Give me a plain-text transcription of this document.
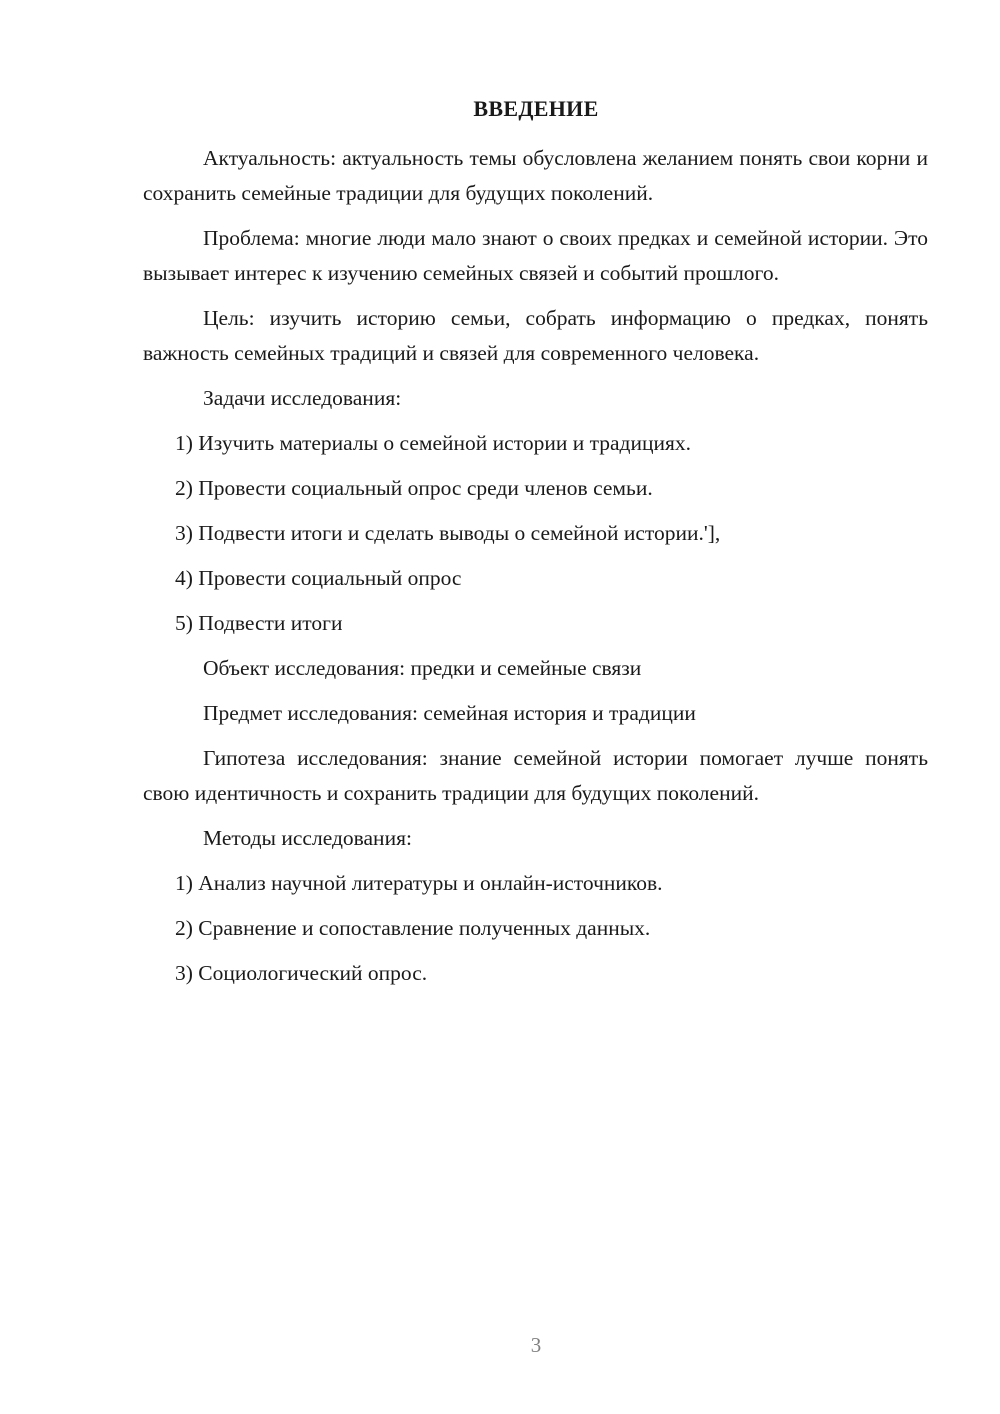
ВВЕДЕНИЕ

Актуальность: актуальность темы обусловлена желанием понять свои корни и сохранить семейные традиции для будущих поколений.

Проблема: многие люди мало знают о своих предках и семейной истории. Это вызывает интерес к изучению семейных связей и событий прошлого.

Цель: изучить историю семьи, собрать информацию о предках, понять важность семейных традиций и связей для современного человека.

Задачи исследования:

1) Изучить материалы о семейной истории и традициях.

2) Провести социальный опрос среди членов семьи.

3) Подвести итоги и сделать выводы о семейной истории.'],

4) Провести социальный опрос

5) Подвести итоги

Объект исследования: предки и семейные связи

Предмет исследования: семейная история и традиции

Гипотеза исследования: знание семейной истории помогает лучше понять свою идентичность и сохранить традиции для будущих поколений.

Методы исследования:

1) Анализ научной литературы и онлайн-источников.

2) Сравнение и сопоставление полученных данных.

3) Социологический опрос.

3
